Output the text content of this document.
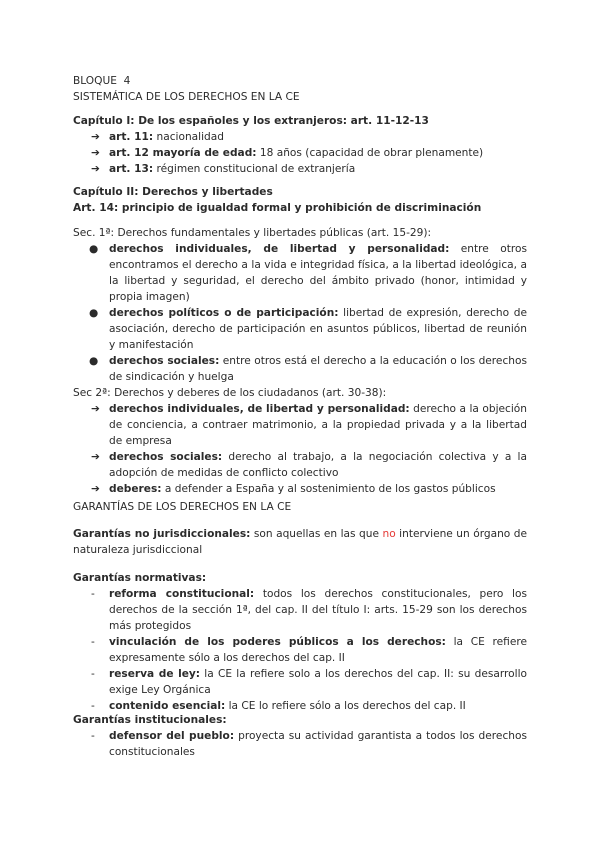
BLOQUE  4

SISTEMÁTICA DE LOS DERECHOS EN LA CE

Capítulo I: De los españoles y los extranjeros: art. 11-12-13

➔ art. 11: nacionalidad
➔ art. 12 mayoría de edad: 18 años (capacidad de obrar plenamente)
➔ art. 13: régimen constitucional de extranjería

Capítulo II: Derechos y libertades

Art. 14: principio de igualdad formal y prohibición de discriminación

Sec. 1ª: Derechos fundamentales y libertades públicas (art. 15-29):

● derechos individuales, de libertad y personalidad: entre otros encontramos el derecho a la vida e integridad física, a la libertad ideológica, a la libertad y seguridad, el derecho del ámbito privado (honor, intimidad y propia imagen)
● derechos políticos o de participación: libertad de expresión, derecho de asociación, derecho de participación en asuntos públicos, libertad de reunión y manifestación
● derechos sociales: entre otros está el derecho a la educación o los derechos de sindicación y huelga

Sec 2ª: Derechos y deberes de los ciudadanos (art. 30-38):

➔ derechos individuales, de libertad y personalidad: derecho a la objeción de conciencia, a contraer matrimonio, a la propiedad privada y a la libertad de empresa
➔ derechos sociales: derecho al trabajo, a la negociación colectiva y a la adopción de medidas de conflicto colectivo
➔ deberes: a defender a España y al sostenimiento de los gastos públicos

GARANTÍAS DE LOS DERECHOS EN LA CE

Garantías no jurisdiccionales: son aquellas en las que no interviene un órgano de naturaleza jurisdiccional

Garantías normativas:

- reforma constitucional: todos los derechos constitucionales, pero los derechos de la sección 1ª, del cap. II del título I: arts. 15-29 son los derechos más protegidos
- vinculación de los poderes públicos a los derechos: la CE refiere expresamente sólo a los derechos del cap. II
- reserva de ley: la CE la refiere solo a los derechos del cap. II: su desarrollo exige Ley Orgánica
- contenido esencial: la CE lo refiere sólo a los derechos del cap. II

Garantías institucionales:

- defensor del pueblo: proyecta su actividad garantista a todos los derechos constitucionales
